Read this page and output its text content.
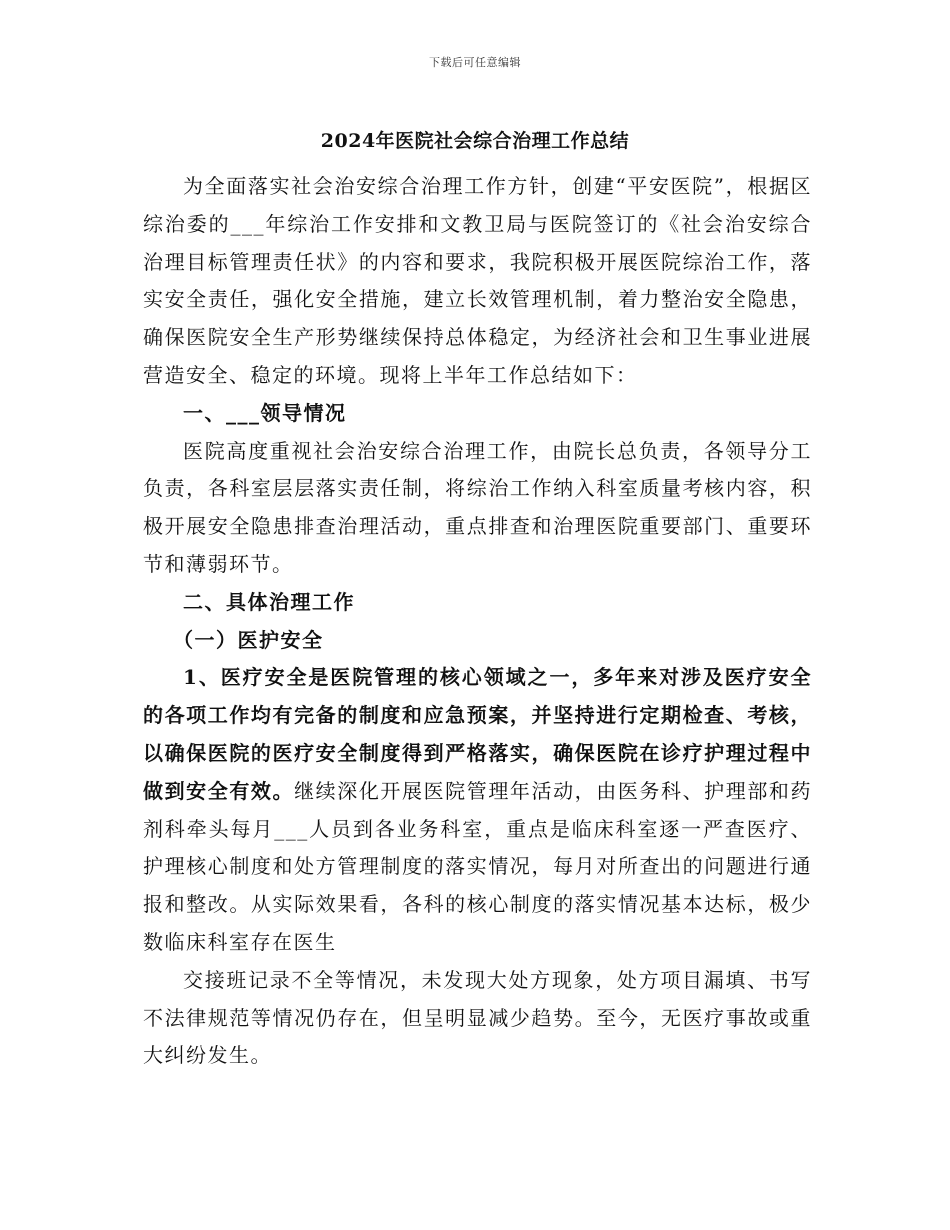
下载后可任意编辑
2024年医院社会综合治理工作总结

为全面落实社会治安综合治理工作方针，创建“平安医院”，根据区综治委的___年综治工作安排和文教卫局与医院签订的《社会治安综合治理目标管理责任状》的内容和要求，我院积极开展医院综治工作，落实安全责任，强化安全措施，建立长效管理机制，着力整治安全隐患，确保医院安全生产形势继续保持总体稳定，为经济社会和卫生事业进展营造安全、稳定的环境。现将上半年工作总结如下：

一、___领导情况

医院高度重视社会治安综合治理工作，由院长总负责，各领导分工负责，各科室层层落实责任制，将综治工作纳入科室质量考核内容，积极开展安全隐患排查治理活动，重点排查和治理医院重要部门、重要环节和薄弱环节。

二、具体治理工作

（一）医护安全

1、医疗安全是医院管理的核心领域之一，多年来对涉及医疗安全的各项工作均有完备的制度和应急预案，并坚持进行定期检查、考核，以确保医院的医疗安全制度得到严格落实，确保医院在诊疗护理过程中做到安全有效。继续深化开展医院管理年活动，由医务科、护理部和药剂科牵头每月___人员到各业务科室，重点是临床科室逐一严查医疗、护理核心制度和处方管理制度的落实情况，每月对所查出的问题进行通报和整改。从实际效果看，各科的核心制度的落实情况基本达标，极少数临床科室存在医生

交接班记录不全等情况，未发现大处方现象，处方项目漏填、书写不法律规范等情况仍存在，但呈明显减少趋势。至今，无医疗事故或重大纠纷发生。
